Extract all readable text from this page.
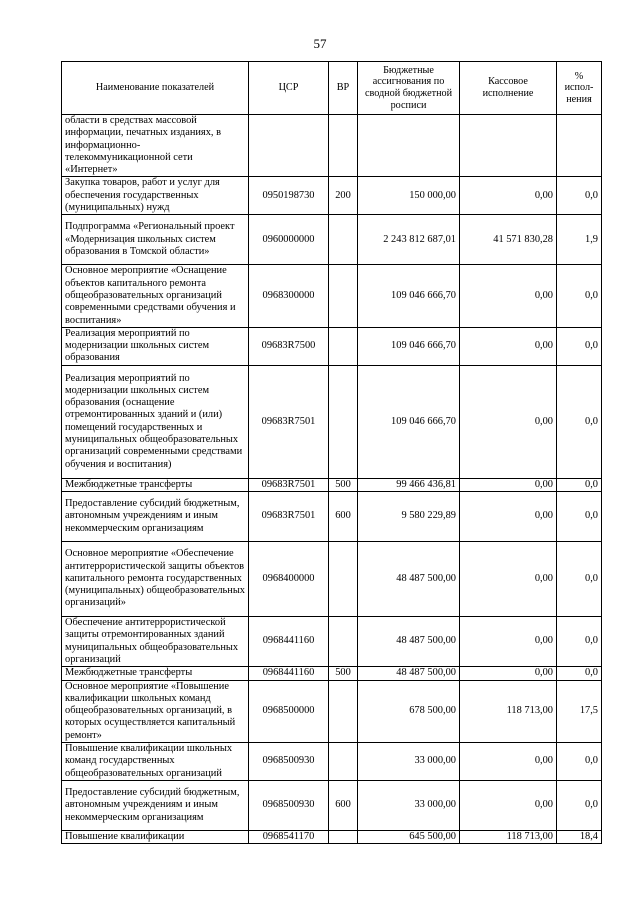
57
Наименование показателей	ЦСР	ВР	Бюджетные ассигнования по сводной бюджетной росписи	Кассовое исполнение	% испол-нения
области в средствах массовой информации, печатных изданиях, в информационно-телекоммуникационной сети «Интернет»					
Закупка товаров, работ и услуг для обеспечения государственных (муниципальных) нужд	0950198730	200	150 000,00	0,00	0,0
Подпрограмма «Региональный проект «Модернизация школьных систем образования в Томской области»	0960000000		2 243 812 687,01	41 571 830,28	1,9
Основное мероприятие «Оснащение объектов капитального ремонта общеобразовательных организаций современными средствами обучения и воспитания»	0968300000		109 046 666,70	0,00	0,0
Реализация мероприятий по модернизации школьных систем образования	09683R7500		109 046 666,70	0,00	0,0
Реализация мероприятий по модернизации школьных систем образования (оснащение отремонтированных зданий и (или) помещений государственных и муниципальных общеобразовательных организаций современными средствами обучения и воспитания)	09683R7501		109 046 666,70	0,00	0,0
Межбюджетные трансферты	09683R7501	500	99 466 436,81	0,00	0,0
Предоставление субсидий бюджетным, автономным учреждениям и иным некоммерческим организациям	09683R7501	600	9 580 229,89	0,00	0,0
Основное мероприятие «Обеспечение антитеррористической защиты объектов капитального ремонта государственных (муниципальных) общеобразовательных организаций»	0968400000		48 487 500,00	0,00	0,0
Обеспечение антитеррористической защиты отремонтированных зданий муниципальных общеобразовательных организаций	0968441160		48 487 500,00	0,00	0,0
Межбюджетные трансферты	0968441160	500	48 487 500,00	0,00	0,0
Основное мероприятие «Повышение квалификации школьных команд общеобразовательных организаций, в которых осуществляется капитальный ремонт»	0968500000		678 500,00	118 713,00	17,5
Повышение квалификации школьных команд государственных общеобразовательных организаций	0968500930		33 000,00	0,00	0,0
Предоставление субсидий бюджетным, автономным учреждениям и иным некоммерческим организациям	0968500930	600	33 000,00	0,00	0,0
Повышение квалификации	0968541170		645 500,00	118 713,00	18,4
